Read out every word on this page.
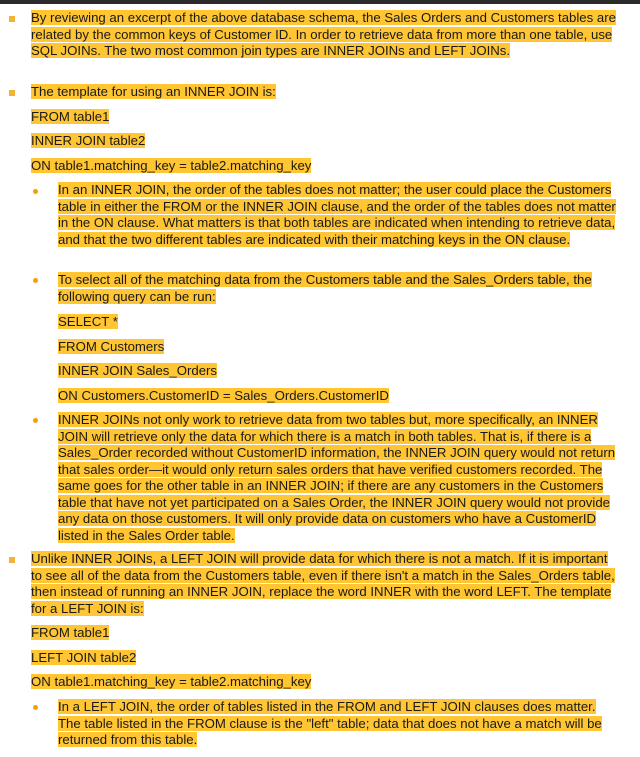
By reviewing an excerpt of the above database schema, the Sales Orders and Customers tables are related by the common keys of Customer ID. In order to retrieve data from more than one table, use SQL JOINs. The two most common join types are INNER JOINs and LEFT JOINs.
The template for using an INNER JOIN is:
FROM table1
INNER JOIN table2
ON table1.matching_key = table2.matching_key
In an INNER JOIN, the order of the tables does not matter; the user could place the Customers table in either the FROM or the INNER JOIN clause, and the order of the tables does not matter in the ON clause. What matters is that both tables are indicated when intending to retrieve data, and that the two different tables are indicated with their matching keys in the ON clause.
To select all of the matching data from the Customers table and the Sales_Orders table, the following query can be run:
SELECT *
FROM Customers
INNER JOIN Sales_Orders
ON Customers.CustomerID = Sales_Orders.CustomerID
INNER JOINs not only work to retrieve data from two tables but, more specifically, an INNER JOIN will retrieve only the data for which there is a match in both tables. That is, if there is a Sales_Order recorded without CustomerID information, the INNER JOIN query would not return that sales order—it would only return sales orders that have verified customers recorded. The same goes for the other table in an INNER JOIN; if there are any customers in the Customers table that have not yet participated on a Sales Order, the INNER JOIN query would not provide any data on those customers. It will only provide data on customers who have a CustomerID listed in the Sales Order table.
Unlike INNER JOINs, a LEFT JOIN will provide data for which there is not a match. If it is important to see all of the data from the Customers table, even if there isn't a match in the Sales_Orders table, then instead of running an INNER JOIN, replace the word INNER with the word LEFT. The template for a LEFT JOIN is:
FROM table1
LEFT JOIN table2
ON table1.matching_key = table2.matching_key
In a LEFT JOIN, the order of tables listed in the FROM and LEFT JOIN clauses does matter. The table listed in the FROM clause is the "left" table; data that does not have a match will be returned from this table.
